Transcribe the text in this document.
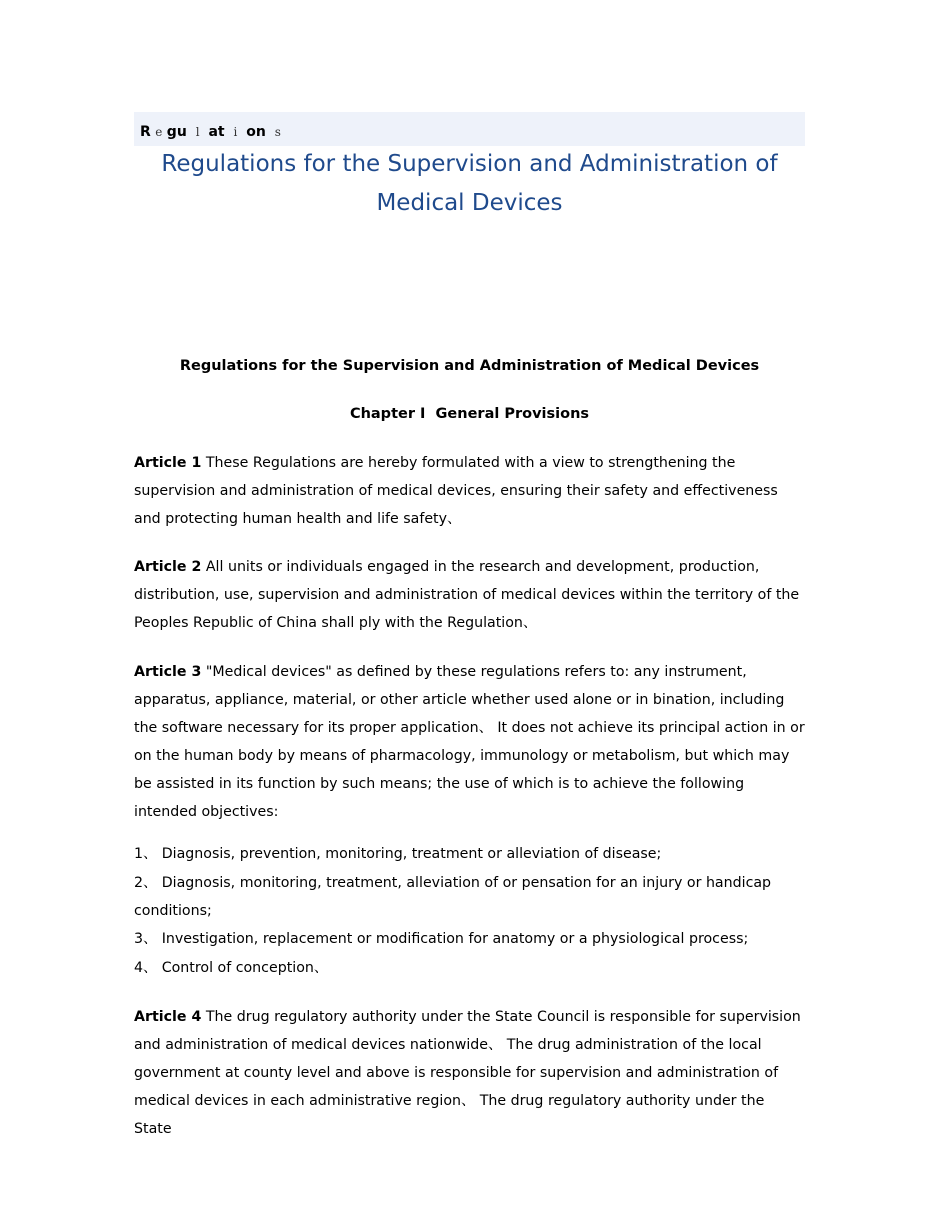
R e gu l at i on s
Regulations for the Supervision and Administration of
Medical Devices
Regulations for the Supervision and Administration of Medical Devices
Chapter I  General Provisions
Article 1 These Regulations are hereby formulated with a view to strengthening the supervision and administration of medical devices, ensuring their safety and effectiveness and protecting human health and life safety、
Article 2 All units or individuals engaged in the research and development, production, distribution, use, supervision and administration of medical devices within the territory of the Peoples Republic of China shall ply with the Regulation、
Article 3 "Medical devices" as defined by these regulations refers to: any instrument, apparatus, appliance, material, or other article whether used alone or in bination, including the software necessary for its proper application、 It does not achieve its principal action in or on the human body by means of pharmacology, immunology or metabolism, but which may be assisted in its function by such means; the use of which is to achieve the following intended objectives:
1、 Diagnosis, prevention, monitoring, treatment or alleviation of disease;
2、 Diagnosis, monitoring, treatment, alleviation of or pensation for an injury or handicap conditions;
3、 Investigation, replacement or modification for anatomy or a physiological process;
4、 Control of conception、
Article 4 The drug regulatory authority under the State Council is responsible for supervision and administration of medical devices nationwide、 The drug administration of the local government at county level and above is responsible for supervision and administration of medical devices in each administrative region、 The drug regulatory authority under the State
